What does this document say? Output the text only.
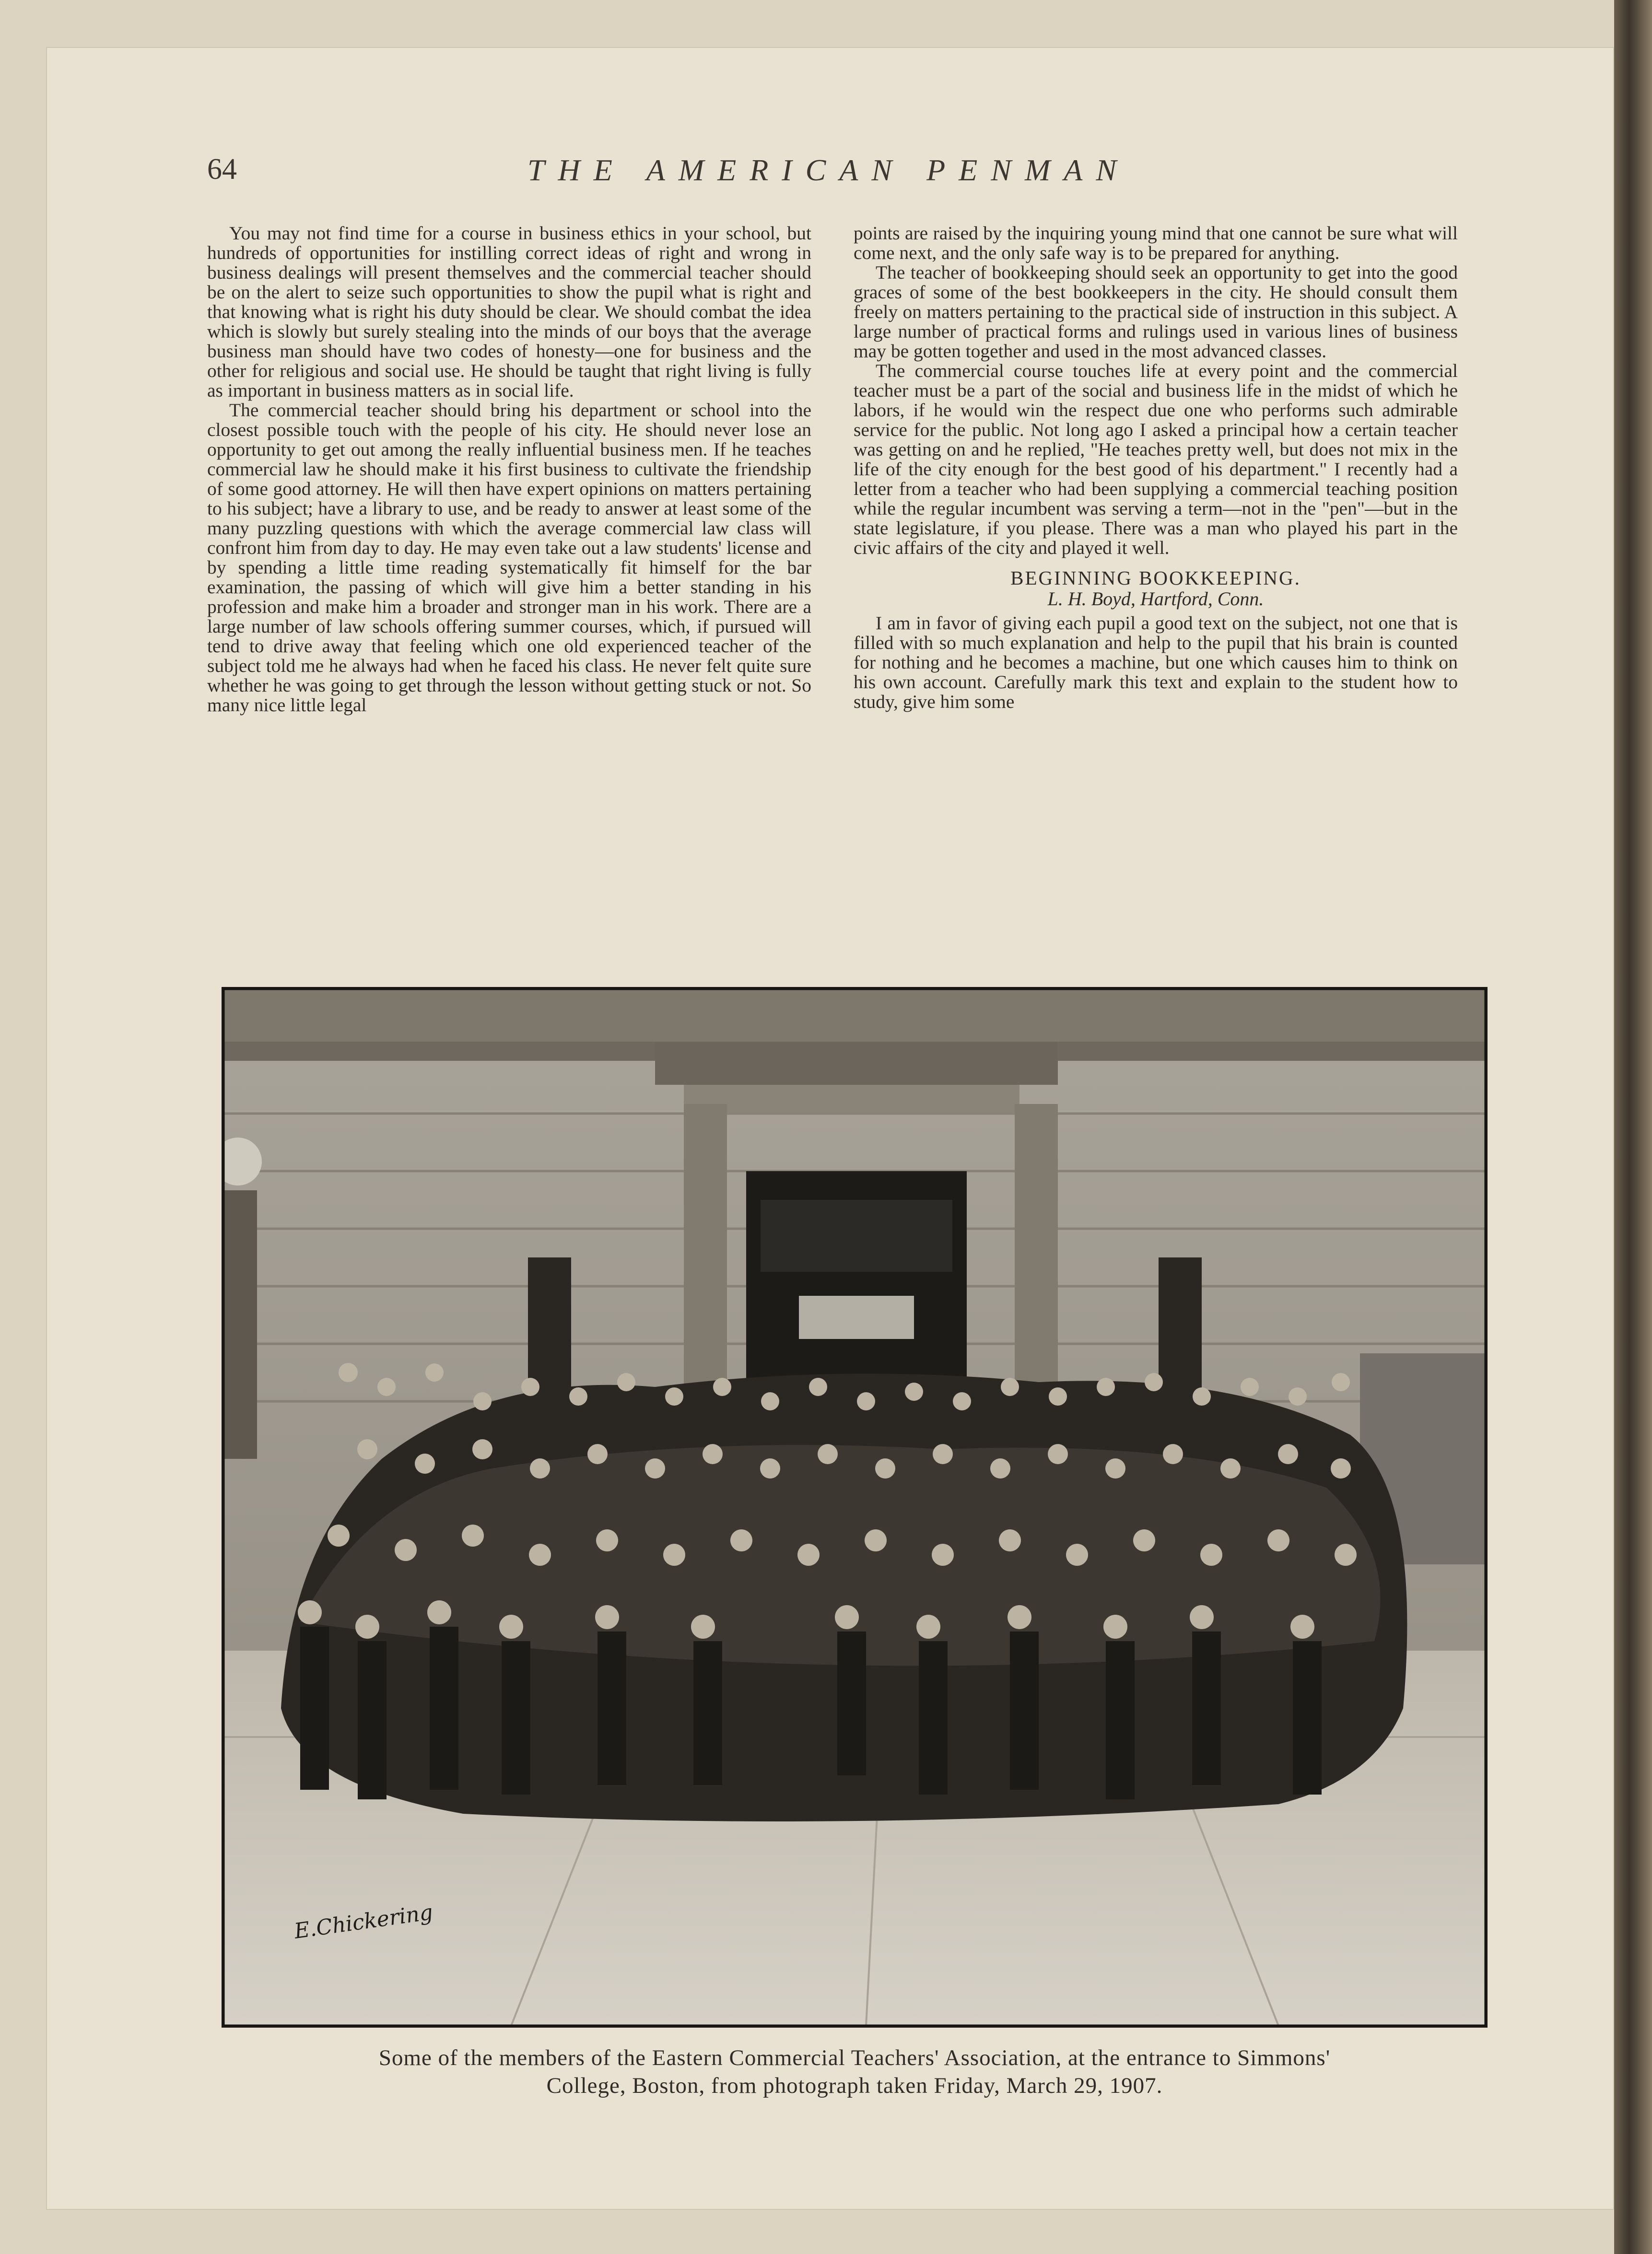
64	THE AMERICAN PENMAN

You may not find time for a course in business ethics in your school, but hundreds of opportunities for instilling correct ideas of right and wrong in business dealings will present themselves and the commercial teacher should be on the alert to seize such opportunities to show the pupil what is right and that knowing what is right his duty should be clear. We should combat the idea which is slowly but surely stealing into the minds of our boys that the average business man should have two codes of honesty—one for business and the other for religious and social use. He should be taught that right living is fully as important in business matters as in social life.

The commercial teacher should bring his department or school into the closest possible touch with the people of his city. He should never lose an opportunity to get out among the really influential business men. If he teaches commercial law he should make it his first business to cultivate the friendship of some good attorney. He will then have expert opinions on matters pertaining to his subject; have a library to use, and be ready to answer at least some of the many puzzling questions with which the average commercial law class will confront him from day to day. He may even take out a law students' license and by spending a little time reading systematically fit himself for the bar examination, the passing of which will give him a better standing in his profession and make him a broader and stronger man in his work. There are a large number of law schools offering summer courses, which, if pursued will tend to drive away that feeling which one old experienced teacher of the subject told me he always had when he faced his class. He never felt quite sure whether he was going to get through the lesson without getting stuck or not. So many nice little legal

points are raised by the inquiring young mind that one cannot be sure what will come next, and the only safe way is to be prepared for anything.

The teacher of bookkeeping should seek an opportunity to get into the good graces of some of the best bookkeepers in the city. He should consult them freely on matters pertaining to the practical side of instruction in this subject. A large number of practical forms and rulings used in various lines of business may be gotten together and used in the most advanced classes.

The commercial course touches life at every point and the commercial teacher must be a part of the social and business life in the midst of which he labors, if he would win the respect due one who performs such admirable service for the public. Not long ago I asked a principal how a certain teacher was getting on and he replied, "He teaches pretty well, but does not mix in the life of the city enough for the best good of his department." I recently had a letter from a teacher who had been supplying a commercial teaching position while the regular incumbent was serving a term—not in the "pen"—but in the state legislature, if you please. There was a man who played his part in the civic affairs of the city and played it well.

BEGINNING BOOKKEEPING.
L. H. Boyd, Hartford, Conn.

I am in favor of giving each pupil a good text on the subject, not one that is filled with so much explanation and help to the pupil that his brain is counted for nothing and he becomes a machine, but one which causes him to think on his own account. Carefully mark this text and explain to the student how to study, give him some

E.Chickering
Some of the members of the Eastern Commercial Teachers' Association, at the entrance to Simmons'
College, Boston, from photograph taken Friday, March 29, 1907.
